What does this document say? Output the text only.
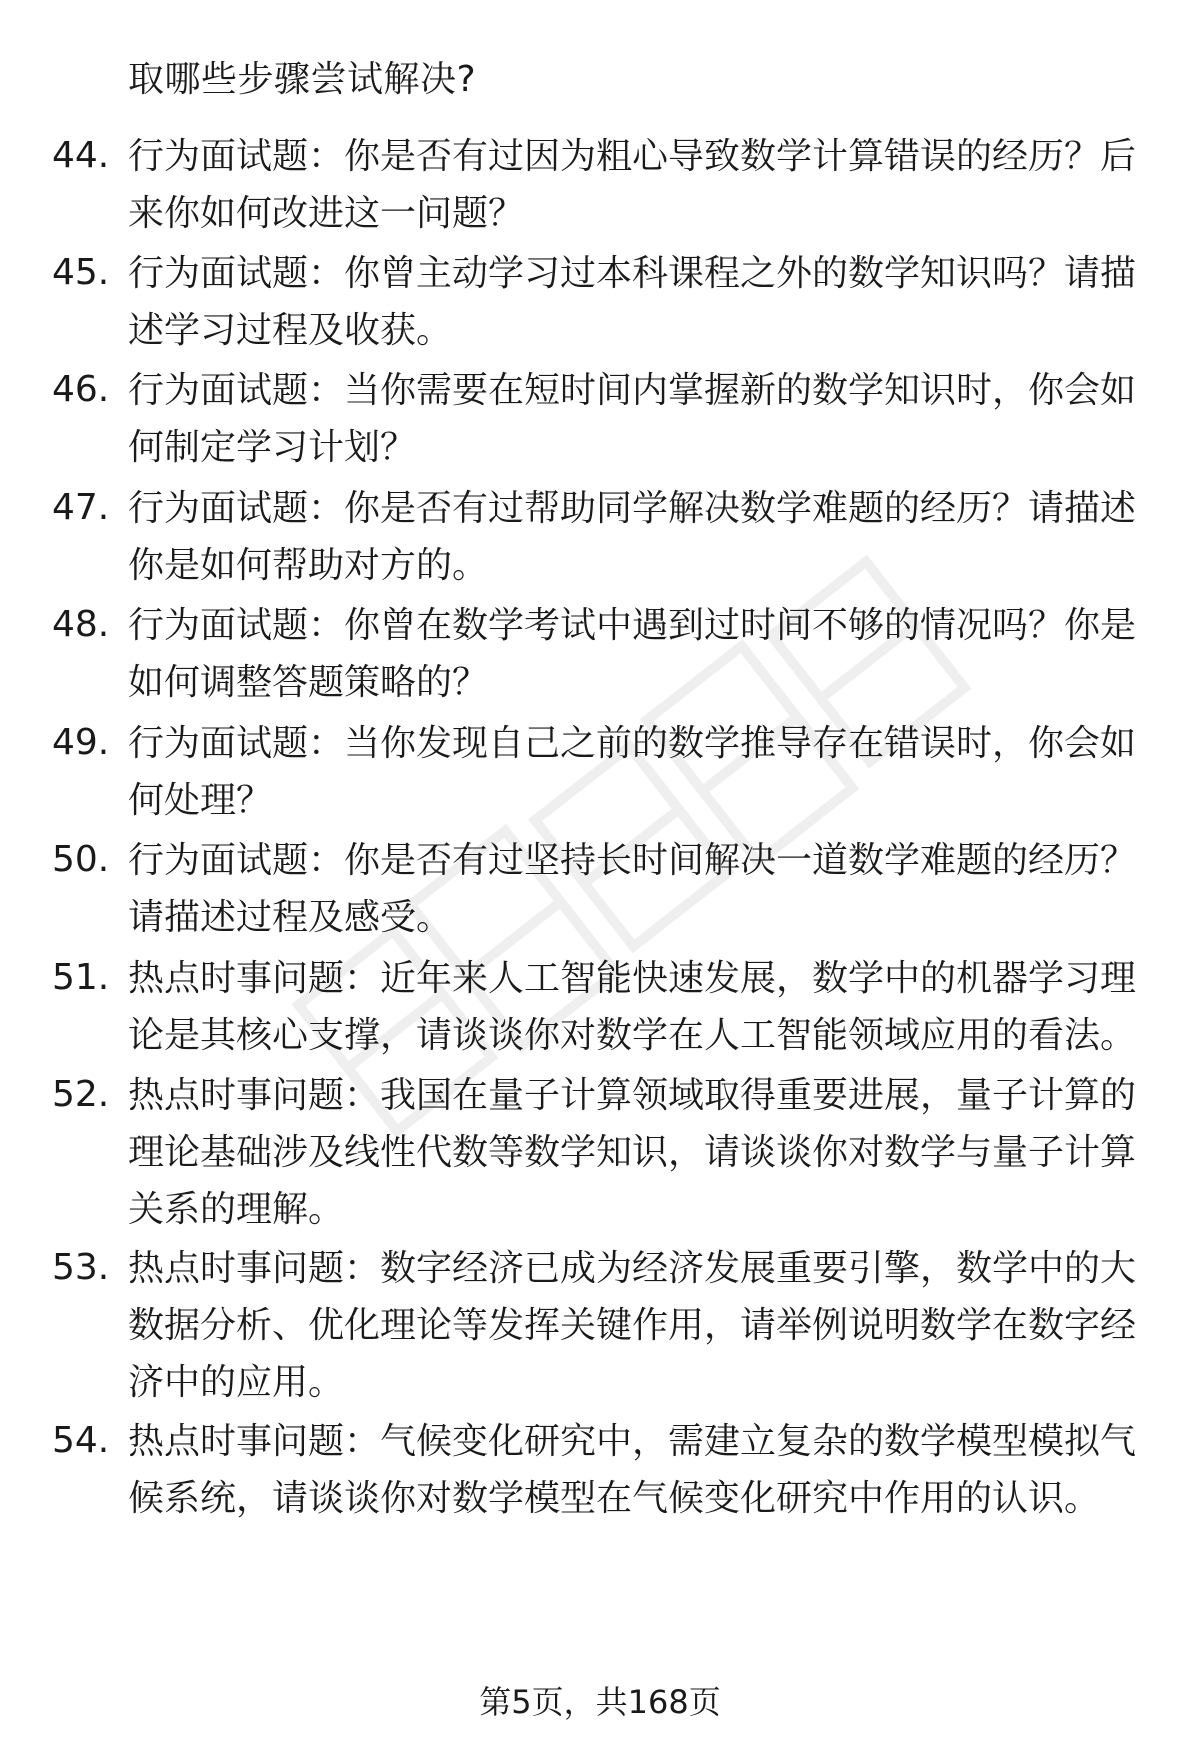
取哪些步骤尝试解决?
44. 行为面试题：你是否有过因为粗心导致数学计算错误的经历？后来你如何改进这一问题？
45. 行为面试题：你曾主动学习过本科课程之外的数学知识吗？请描述学习过程及收获。
46. 行为面试题：当你需要在短时间内掌握新的数学知识时，你会如何制定学习计划？
47. 行为面试题：你是否有过帮助同学解决数学难题的经历？请描述你是如何帮助对方的。
48. 行为面试题：你曾在数学考试中遇到过时间不够的情况吗？你是如何调整答题策略的？
49. 行为面试题：当你发现自己之前的数学推导存在错误时，你会如何处理？
50. 行为面试题：你是否有过坚持长时间解决一道数学难题的经历？请描述过程及感受。
51. 热点时事问题：近年来人工智能快速发展，数学中的机器学习理论是其核心支撑，请谈谈你对数学在人工智能领域应用的看法。
52. 热点时事问题：我国在量子计算领域取得重要进展，量子计算的理论基础涉及线性代数等数学知识，请谈谈你对数学与量子计算关系的理解。
53. 热点时事问题：数字经济已成为经济发展重要引擎，数学中的大数据分析、优化理论等发挥关键作用，请举例说明数学在数字经济中的应用。
54. 热点时事问题：气候变化研究中，需建立复杂的数学模型模拟气候系统，请谈谈你对数学模型在气候变化研究中作用的认识。
第5页，共168页
